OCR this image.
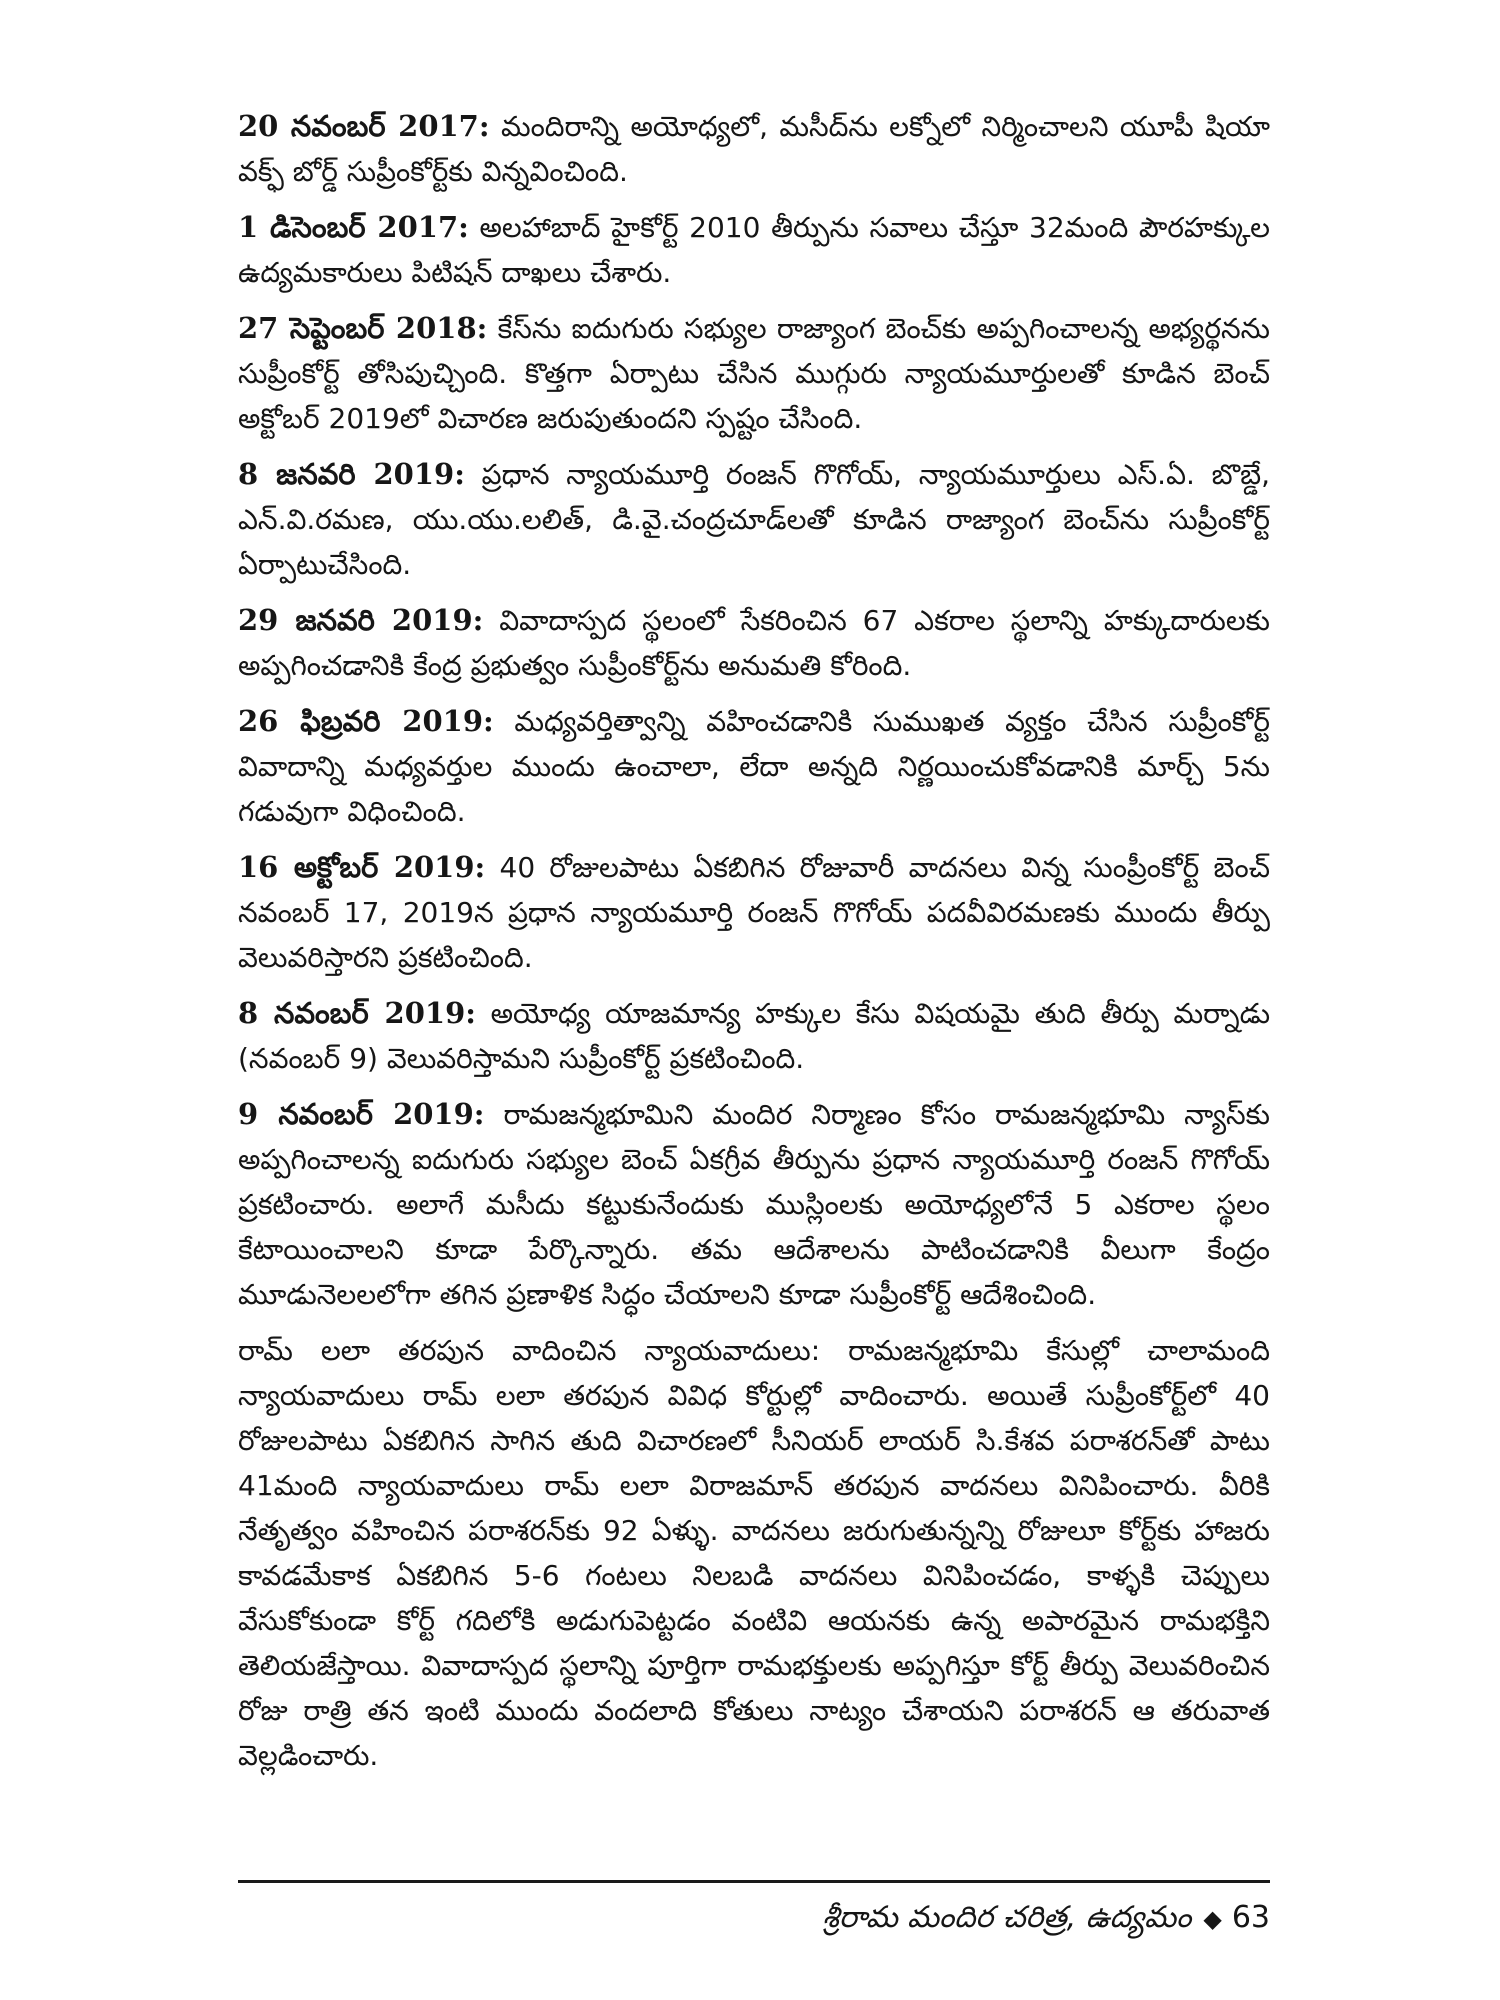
20 నవంబర్ 2017: మందిరాన్ని అయోధ్యలో, మసీద్‌ను లక్నోలో నిర్మించాలని యూపీ షియా వక్ఫ్ బోర్డ్ సుప్రీంకోర్ట్‌కు విన్నవించింది.

1 డిసెంబర్ 2017: అలహాబాద్ హైకోర్ట్ 2010 తీర్పును సవాలు చేస్తూ 32మంది పౌరహక్కుల ఉద్యమకారులు పిటిషన్ దాఖలు చేశారు.

27 సెప్టెంబర్ 2018: కేస్‌ను ఐదుగురు సభ్యుల రాజ్యాంగ బెంచ్‌కు అప్పగించాలన్న అభ్యర్థనను సుప్రీంకోర్ట్ తోసిపుచ్చింది. కొత్తగా ఏర్పాటు చేసిన ముగ్గురు న్యాయమూర్తులతో కూడిన బెంచ్ అక్టోబర్ 2019లో విచారణ జరుపుతుందని స్పష్టం చేసింది.

8 జనవరి 2019: ప్రధాన న్యాయమూర్తి రంజన్ గొగోయ్, న్యాయమూర్తులు ఎస్.ఏ. బొబ్డే, ఎన్.వి.రమణ, యు.యు.లలిత్, డి.వై.చంద్రచూడ్‌లతో కూడిన రాజ్యాంగ బెంచ్‌ను సుప్రీంకోర్ట్ ఏర్పాటుచేసింది.

29 జనవరి 2019: వివాదాస్పద స్థలంలో సేకరించిన 67 ఎకరాల స్థలాన్ని హక్కుదారులకు అప్పగించడానికి కేంద్ర ప్రభుత్వం సుప్రీంకోర్ట్‌ను అనుమతి కోరింది.

26 ఫిబ్రవరి 2019: మధ్యవర్తిత్వాన్ని వహించడానికి సుముఖత వ్యక్తం చేసిన సుప్రీంకోర్ట్ వివాదాన్ని మధ్యవర్తుల ముందు ఉంచాలా, లేదా అన్నది నిర్ణయించుకోవడానికి మార్చ్ 5ను గడువుగా విధించింది.

16 అక్టోబర్ 2019: 40 రోజులపాటు ఏకబిగిన రోజువారీ వాదనలు విన్న సుంప్రీంకోర్ట్ బెంచ్ నవంబర్ 17, 2019న ప్రధాన న్యాయమూర్తి రంజన్ గొగోయ్ పదవీవిరమణకు ముందు తీర్పు వెలువరిస్తారని ప్రకటించింది.

8 నవంబర్ 2019: అయోధ్య యాజమాన్య హక్కుల కేసు విషయమై తుది తీర్పు మర్నాడు (నవంబర్ 9) వెలువరిస్తామని సుప్రీంకోర్ట్ ప్రకటించింది.

9 నవంబర్ 2019: రామజన్మభూమిని మందిర నిర్మాణం కోసం రామజన్మభూమి న్యాస్‌కు అప్పగించాలన్న ఐదుగురు సభ్యుల బెంచ్ ఏకగ్రీవ తీర్పును ప్రధాన న్యాయమూర్తి రంజన్ గొగోయ్ ప్రకటించారు. అలాగే మసీదు కట్టుకునేందుకు ముస్లింలకు అయోధ్యలోనే 5 ఎకరాల స్థలం కేటాయించాలని కూడా పేర్కొన్నారు. తమ ఆదేశాలను పాటించడానికి వీలుగా కేంద్రం మూడునెలలలోగా తగిన ప్రణాళిక సిద్ధం చేయాలని కూడా సుప్రీంకోర్ట్ ఆదేశించింది.

రామ్ లలా తరపున వాదించిన న్యాయవాదులు: రామజన్మభూమి కేసుల్లో చాలామంది న్యాయవాదులు రామ్ లలా తరపున వివిధ కోర్టుల్లో వాదించారు. అయితే సుప్రీంకోర్ట్‌లో 40 రోజులపాటు ఏకబిగిన సాగిన తుది విచారణలో సీనియర్ లాయర్ సి.కేశవ పరాశరన్‌తో పాటు 41మంది న్యాయవాదులు రామ్ లలా విరాజమాన్ తరపున వాదనలు వినిపించారు. వీరికి నేతృత్వం వహించిన పరాశరన్‌కు 92 ఏళ్ళు. వాదనలు జరుగుతున్నన్ని రోజులూ కోర్ట్‌కు హాజరు కావడమేకాక ఏకబిగిన 5-6 గంటలు నిలబడి వాదనలు వినిపించడం, కాళ్ళకి చెప్పులు వేసుకోకుండా కోర్ట్ గదిలోకి అడుగుపెట్టడం వంటివి ఆయనకు ఉన్న అపారమైన రామభక్తిని తెలియజేస్తాయి. వివాదాస్పద స్థలాన్ని పూర్తిగా రామభక్తులకు అప్పగిస్తూ కోర్ట్ తీర్పు వెలువరించిన రోజు రాత్రి తన ఇంటి ముందు వందలాది కోతులు నాట్యం చేశాయని పరాశరన్ ఆ తరువాత వెల్లడించారు.

శ్రీరామ మందిర చరిత్ర, ఉద్యమం ◆ 63
